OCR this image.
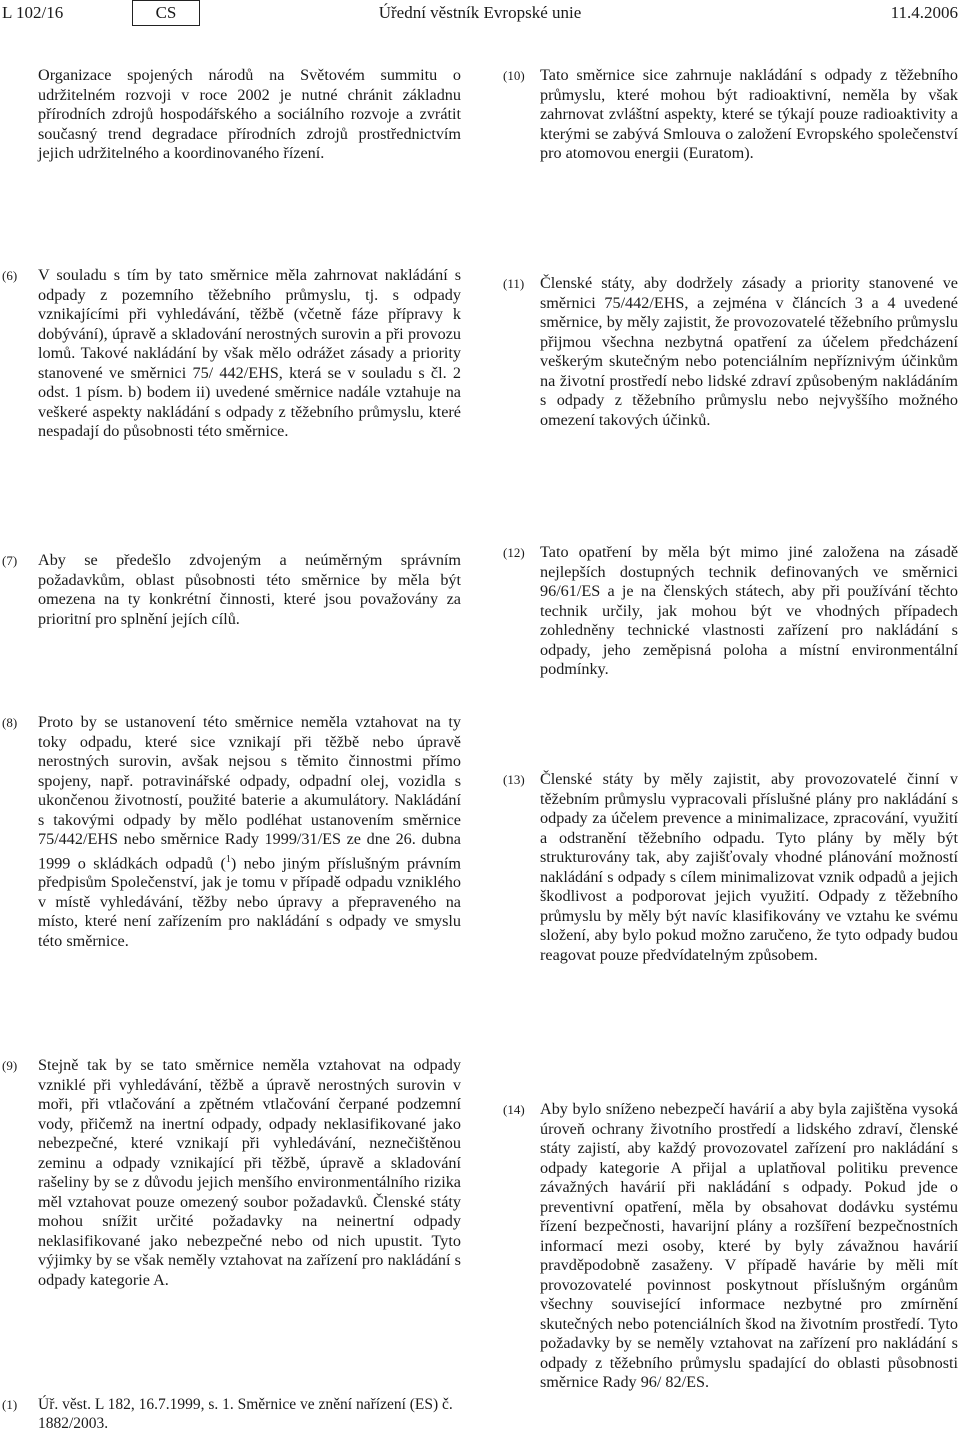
L 102/16	CS	Úřední věstník Evropské unie	11.4.2006

Organizace spojených národů na Světovém summitu o udržitelném rozvoji v roce 2002 je nutné chránit základnu přírodních zdrojů hospodářského a sociálního rozvoje a zvrátit současný trend degradace přírodních zdrojů prostřednictvím jejich udržitelného a koordinovaného řízení.

(6) V souladu s tím by tato směrnice měla zahrnovat nakládání s odpady z pozemního těžebního průmyslu, tj. s odpady vznikajícími při vyhledávání, těžbě (včetně fáze přípravy k dobývání), úpravě a skladování nerostných surovin a při provozu lomů. Takové nakládání by však mělo odrážet zásady a priority stanovené ve směrnici 75/ 442/EHS, která se v souladu s čl. 2 odst. 1 písm. b) bodem ii) uvedené směrnice nadále vztahuje na veškeré aspekty nakládání s odpady z těžebního průmyslu, které nespadají do působnosti této směrnice.

(7) Aby se předešlo zdvojeným a neúměrným správním požadavkům, oblast působnosti této směrnice by měla být omezena na ty konkrétní činnosti, které jsou považovány za prioritní pro splnění jejích cílů.

(8) Proto by se ustanovení této směrnice neměla vztahovat na ty toky odpadu, které sice vznikají při těžbě nebo úpravě nerostných surovin, avšak nejsou s těmito činnostmi přímo spojeny, např. potravinářské odpady, odpadní olej, vozidla s ukončenou životností, použité baterie a akumulátory. Nakládání s takovými odpady by mělo podléhat ustanovením směrnice 75/442/EHS nebo směrnice Rady 1999/31/ES ze dne 26. dubna 1999 o skládkách odpadů ($^1$) nebo jiným příslušným právním předpisům Společenství, jak je tomu v případě odpadu vzniklého v místě vyhledávání, těžby nebo úpravy a přepraveného na místo, které není zařízením pro nakládání s odpady ve smyslu této směrnice.

(9) Stejně tak by se tato směrnice neměla vztahovat na odpady vzniklé při vyhledávání, těžbě a úpravě nerostných surovin v moři, při vtlačování a zpětném vtlačování čerpané podzemní vody, přičemž na inertní odpady, odpady neklasifikované jako nebezpečné, které vznikají při vyhledávání, neznečištěnou zeminu a odpady vznikající při těžbě, úpravě a skladování rašeliny by se z důvodu jejich menšího environmentálního rizika měl vztahovat pouze omezený soubor požadavků. Členské státy mohou snížit určité požadavky na neinertní odpady neklasifikované jako nebezpečné nebo od nich upustit. Tyto výjimky by se však neměly vztahovat na zařízení pro nakládání s odpady kategorie A.

(10) Tato směrnice sice zahrnuje nakládání s odpady z těžebního průmyslu, které mohou být radioaktivní, neměla by však zahrnovat zvláštní aspekty, které se týkají pouze radioaktivity a kterými se zabývá Smlouva o založení Evropského společenství pro atomovou energii (Euratom).

(11) Členské státy, aby dodržely zásady a priority stanovené ve směrnici 75/442/EHS, a zejména v článcích 3 a 4 uvedené směrnice, by měly zajistit, že provozovatelé těžebního průmyslu přijmou všechna nezbytná opatření za účelem předcházení veškerým skutečným nebo potenciálním nepříznivým účinkům na životní prostředí nebo lidské zdraví způsobeným nakládáním s odpady z těžebního průmyslu nebo nejvyššího možného omezení takových účinků.

(12) Tato opatření by měla být mimo jiné založena na zásadě nejlepších dostupných technik definovaných ve směrnici 96/61/ES a je na členských státech, aby při používání těchto technik určily, jak mohou být ve vhodných případech zohledněny technické vlastnosti zařízení pro nakládání s odpady, jeho zeměpisná poloha a místní environmentální podmínky.

(13) Členské státy by měly zajistit, aby provozovatelé činní v těžebním průmyslu vypracovali příslušné plány pro nakládání s odpady za účelem prevence a minimalizace, zpracování, využití a odstranění těžebního odpadu. Tyto plány by měly být strukturovány tak, aby zajišťovaly vhodné plánování možností nakládání s odpady s cílem minimalizovat vznik odpadů a jejich škodlivost a podporovat jejich využití. Odpady z těžebního průmyslu by měly být navíc klasifikovány ve vztahu ke svému složení, aby bylo pokud možno zaručeno, že tyto odpady budou reagovat pouze předvídatelným způsobem.

(14) Aby bylo sníženo nebezpečí havárií a aby byla zajištěna vysoká úroveň ochrany životního prostředí a lidského zdraví, členské státy zajistí, aby každý provozovatel zařízení pro nakládání s odpady kategorie A přijal a uplatňoval politiku prevence závažných havárií při nakládání s odpady. Pokud jde o preventivní opatření, měla by obsahovat dodávku systému řízení bezpečnosti, havarijní plány a rozšíření bezpečnostních informací mezi osoby, které by byly závažnou havárií pravděpodobně zasaženy. V případě havárie by měli mít provozovatelé povinnost poskytnout příslušným orgánům všechny související informace nezbytné pro zmírnění skutečných nebo potenciálních škod na životním prostředí. Tyto požadavky by se neměly vztahovat na zařízení pro nakládání s odpady z těžebního průmyslu spadající do oblasti působnosti směrnice Rady 96/ 82/ES.

(1) Úř. věst. L 182, 16.7.1999, s. 1. Směrnice ve znění nařízení (ES) č. 1882/2003.
